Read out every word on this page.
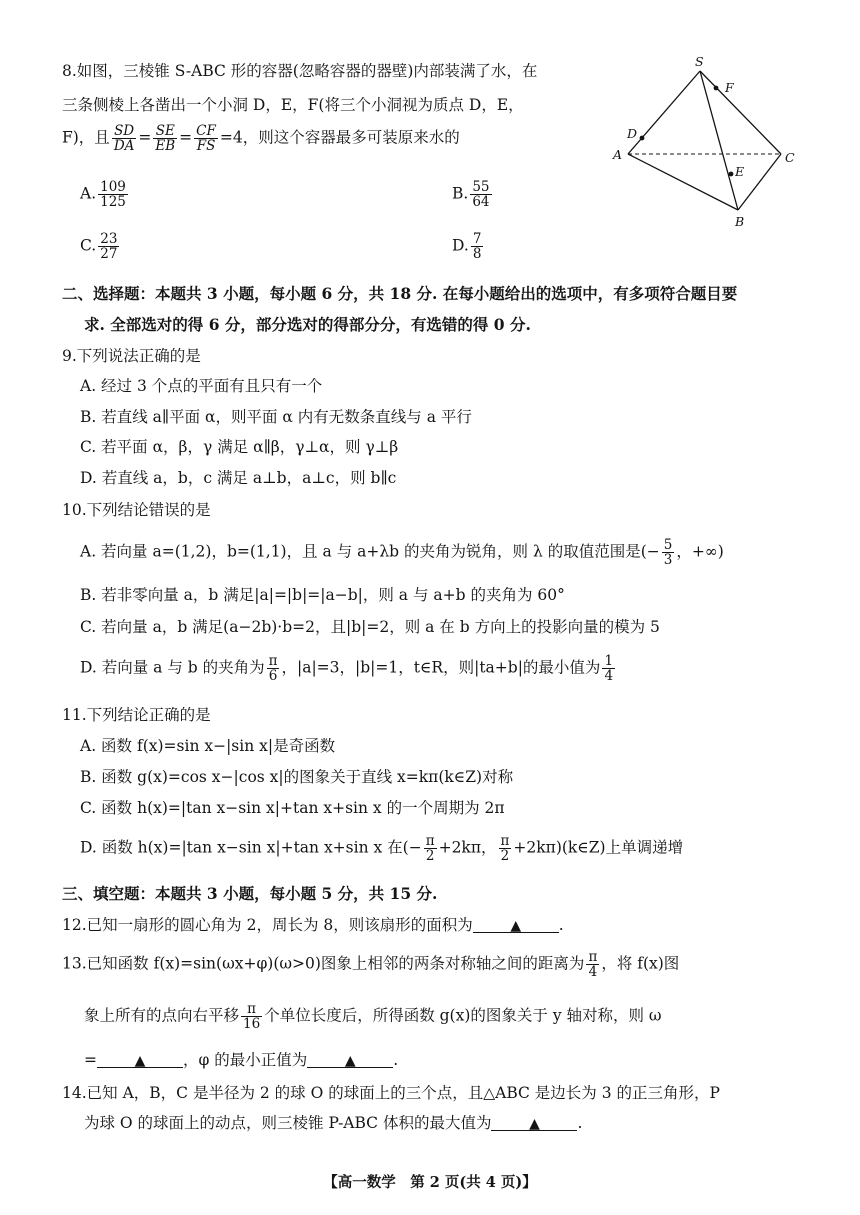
8.如图，三棱锥 S-ABC 形的容器(忽略容器的器壁)内部装满了水，在
三条侧棱上各凿出一个小洞 D，E，F(将三个小洞视为质点 D，E，
F)，且 $\frac{SD}{DA} = \frac{SE}{EB} = \frac{CF}{FS} =4$，则这个容器最多可装原来水的
A. $\frac{109}{125}$	B. $\frac{55}{64}$
C. $\frac{23}{27}$	D. $\frac{7}{8}$
S
F
D
A	C
E
B
二、选择题：本题共 3 小题，每小题 6 分，共 18 分. 在每小题给出的选项中，有多项符合题目要
求. 全部选对的得 6 分，部分选对的得部分分，有选错的得 0 分.
9.下列说法正确的是
A. 经过 3 个点的平面有且只有一个
B. 若直线 a∥平面 α，则平面 α 内有无数条直线与 a 平行
C. 若平面 α，β，γ 满足 α∥β，γ⊥α，则 γ⊥β
D. 若直线 a，b，c 满足 a⊥b，a⊥c，则 b∥c
10.下列结论错误的是
A. 若向量 a=(1,2)，b=(1,1)，且 a 与 a+λb 的夹角为锐角，则 λ 的取值范围是(− $\frac{5}{3}$ ，+∞)
B. 若非零向量 a，b 满足|a|=|b|=|a−b|，则 a 与 a+b 的夹角为 60°
C. 若向量 a，b 满足(a−2b)·b=2，且|b|=2，则 a 在 b 方向上的投影向量的模为 5
D. 若向量 a 与 b 的夹角为 $\frac{\pi}{6}$ ，|a|=3，|b|=1，t∈R，则|ta+b|的最小值为 $\frac{1}{4}$
11.下列结论正确的是
A. 函数 f(x)=sin x−|sin x|是奇函数
B. 函数 g(x)=cos x−|cos x|的图象关于直线 x=kπ(k∈Z)对称
C. 函数 h(x)=|tan x−sin x|+tan x+sin x 的一个周期为 2π
D. 函数 h(x)=|tan x−sin x|+tan x+sin x 在(− $\frac{\pi}{2} +2k\pi$， $\frac{\pi}{2}$ +2kπ)(k∈Z)上单调递增
三、填空题：本题共 3 小题，每小题 5 分，共 15 分.
12.已知一扇形的圆心角为 2，周长为 8，则该扇形的面积为	▲ .
13.已知函数 f(x)=sin(ωx+φ)(ω>0)图象上相邻的两条对称轴之间的距离为 $\frac{\pi}{4}$ ，将 f(x)图
象上所有的点向右平移 $\frac{\pi}{16}$ 个单位长度后，所得函数 g(x)的图象关于 y 轴对称，则 ω
=	▲ ，φ 的最小正值为	▲ .
14.已知 A，B，C 是半径为 2 的球 O 的球面上的三个点，且△ABC 是边长为 3 的正三角形，P
为球 O 的球面上的动点，则三棱锥 P-ABC 体积的最大值为	▲ .
【高一数学　第 2 页(共 4 页)】
